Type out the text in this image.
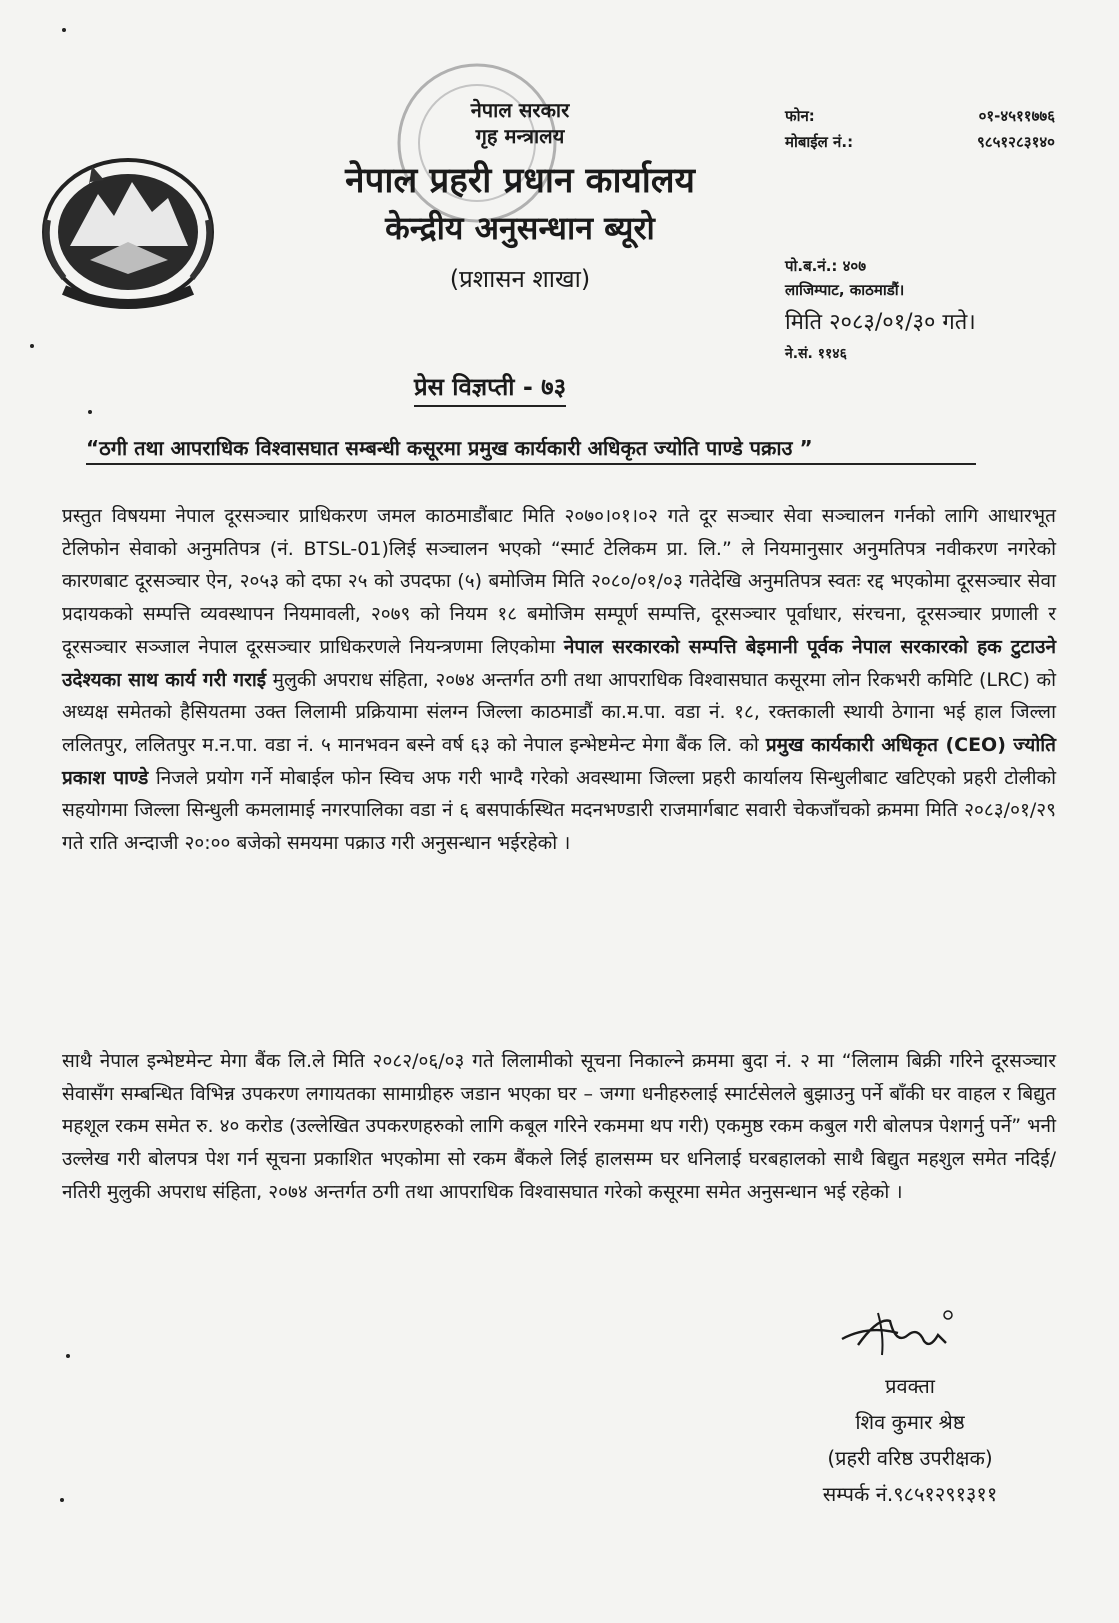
नेपाल सरकार
गृह मन्त्रालय
नेपाल प्रहरी प्रधान कार्यालय
केन्द्रीय अनुसन्धान ब्यूरो
(प्रशासन शाखा)
फोन:	०१-४५११७७६
मोबाईल नं.:	९८५१२८३१४०
पो.ब.नं.: ४०७
लाजिम्पाट, काठमाडौं।
मिति २०८३/०१/३० गते।
ने.सं. ११४६
प्रेस विज्ञप्ती - ७३
“ठगी तथा आपराधिक विश्वासघात सम्बन्धी कसूरमा प्रमुख कार्यकारी अधिकृत ज्योति पाण्डे पक्राउ ”

प्रस्तुत विषयमा नेपाल दूरसञ्चार प्राधिकरण जमल काठमाडौंबाट मिति २०७०।०१।०२ गते दूर सञ्चार सेवा सञ्चालन गर्नको लागि आधारभूत टेलिफोन सेवाको अनुमतिपत्र (नं. BTSL-01)लिई सञ्चालन भएको “स्मार्ट टेलिकम प्रा. लि.” ले नियमानुसार अनुमतिपत्र नवीकरण नगरेको कारणबाट दूरसञ्चार ऐन, २०५३ को दफा २५ को उपदफा (५) बमोजिम मिति २०८०/०१/०३ गतेदेखि अनुमतिपत्र स्वतः रद्द भएकोमा दूरसञ्चार सेवा प्रदायकको सम्पत्ति व्यवस्थापन नियमावली, २०७९ को नियम १८ बमोजिम सम्पूर्ण सम्पत्ति, दूरसञ्चार पूर्वाधार, संरचना, दूरसञ्चार प्रणाली र दूरसञ्चार सञ्जाल नेपाल दूरसञ्चार प्राधिकरणले नियन्त्रणमा लिएकोमा नेपाल सरकारको सम्पत्ति बेइमानी पूर्वक नेपाल सरकारको हक टुटाउने उदेश्यका साथ कार्य गरी गराई मुलुकी अपराध संहिता, २०७४ अन्तर्गत ठगी तथा आपराधिक विश्वासघात कसूरमा लोन रिकभरी कमिटि (LRC) को अध्यक्ष समेतको हैसियतमा उक्त लिलामी प्रक्रियामा संलग्न जिल्ला काठमाडौं का.म.पा. वडा नं. १८, रक्तकाली स्थायी ठेगाना भई हाल जिल्ला ललितपुर, ललितपुर म.न.पा. वडा नं. ५ मानभवन बस्ने वर्ष ६३ को नेपाल इन्भेष्टमेन्ट मेगा बैंक लि. को प्रमुख कार्यकारी अधिकृत (CEO) ज्योति प्रकाश पाण्डे निजले प्रयोग गर्ने मोबाईल फोन स्विच अफ गरी भाग्दै गरेको अवस्थामा जिल्ला प्रहरी कार्यालय सिन्धुलीबाट खटिएको प्रहरी टोलीको सहयोगमा जिल्ला सिन्धुली कमलामाई नगरपालिका वडा नं ६ बसपार्कस्थित मदनभण्डारी राजमार्गबाट सवारी चेकजाँचको क्रममा मिति २०८३/०१/२९ गते राति अन्दाजी २०:०० बजेको समयमा पक्राउ गरी अनुसन्धान भईरहेको ।

साथै नेपाल इन्भेष्टमेन्ट मेगा बैंक लि.ले मिति २०८२/०६/०३ गते लिलामीको सूचना निकाल्ने क्रममा बुदा नं. २ मा “लिलाम बिक्री गरिने दूरसञ्चार सेवासँग सम्बन्धित विभिन्न उपकरण लगायतका सामाग्रीहरु जडान भएका घर – जग्गा धनीहरुलाई स्मार्टसेलले बुझाउनु पर्ने बाँकी घर वाहल र बिद्युत महशूल रकम समेत रु. ४० करोड (उल्लेखित उपकरणहरुको लागि कबूल गरिने रकममा थप गरी) एकमुष्ठ रकम कबुल गरी बोलपत्र पेशगर्नु पर्ने” भनी उल्लेख गरी बोलपत्र पेश गर्न सूचना प्रकाशित भएकोमा सो रकम बैंकले लिई हालसम्म घर धनिलाई घरबहालको साथै बिद्युत महशुल समेत नदिई/नतिरी मुलुकी अपराध संहिता, २०७४ अन्तर्गत ठगी तथा आपराधिक विश्वासघात गरेको कसूरमा समेत अनुसन्धान भई रहेको ।

प्रवक्ता
शिव कुमार श्रेष्ठ
(प्रहरी वरिष्ठ उपरीक्षक)
सम्पर्क नं.९८५१२९१३११
